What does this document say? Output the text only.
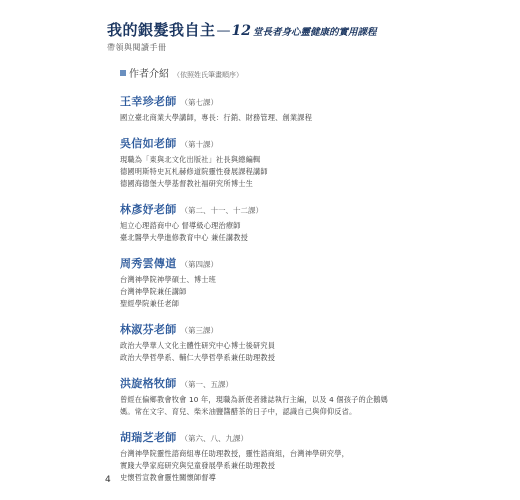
我的銀髮我自主 — 12 堂長者身心靈健康的實用課程
帶領與閱讀手冊
作者介紹 （依照姓氏筆畫順序）
王幸珍老師 （第七課）
國立臺北商業大學講師，專長：行銷、財務管理、創業課程
吳信如老師 （第十課）
現職為「東與北文化出版社」社長與總編輯
德國明斯特史瓦札赫修道院靈性發展課程講師
德國海德堡大學基督教社福研究所博士生
林彥妤老師 （第二、十一、十二課）
旭立心理諮商中心 督導級心理治療師
臺北醫學大學進修教育中心 兼任講教授
周秀雲傳道 （第四課）
台灣神學院神學碩士、博士班
台灣神學院兼任講師
聖經學院兼任老師
林淑芬老師 （第三課）
政治大學華人文化主體性研究中心博士後研究員
政治大學哲學系、輔仁大學哲學系兼任助理教授
洪旋格牧師 （第一、五課）
曾經在偏鄉教會牧會 10 年，現職為新使者雜誌執行主編，以及 4 個孩子的企鵝媽
媽。常在文字、育兒、柴米油鹽醬醋茶的日子中，認識自己與仰仰反省。
胡瑞芝老師 （第六、八、九課）
台灣神學院靈性諮商組專任助理教授，靈性諮商組，台灣神學研究學，
實踐大學家庭研究與兒童發展學系兼任助理教授
史懷哲宣教會靈性關懷師督導
4
